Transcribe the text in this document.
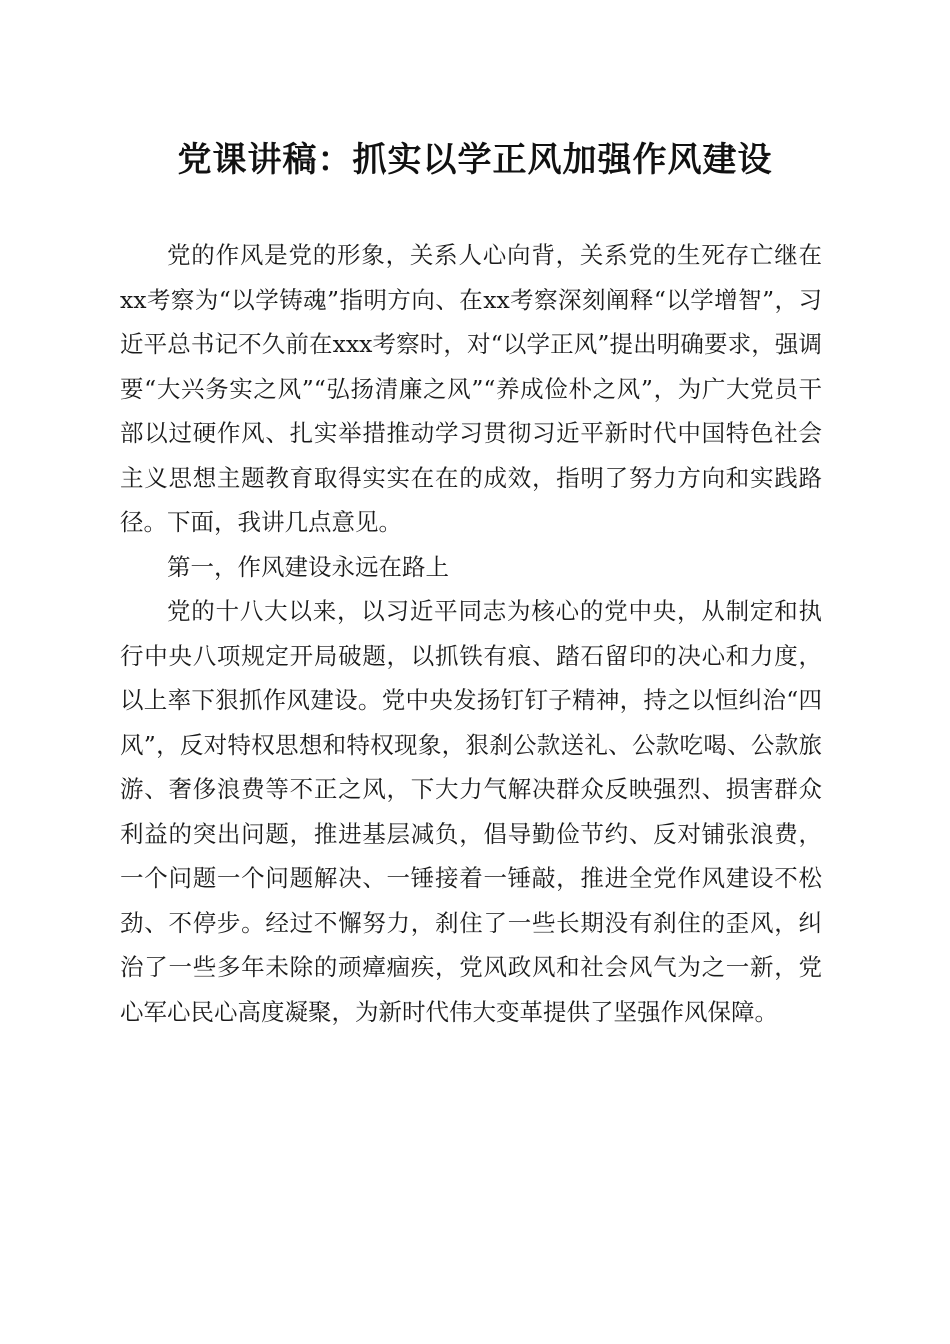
党课讲稿：抓实以学正风加强作风建设

党的作风是党的形象，关系人心向背，关系党的生死存亡继在xx考察为“以学铸魂”指明方向、在xx考察深刻阐释“以学增智”，习近平总书记不久前在xxx考察时，对“以学正风”提出明确要求，强调要“大兴务实之风”“弘扬清廉之风”“养成俭朴之风”，为广大党员干部以过硬作风、扎实举措推动学习贯彻习近平新时代中国特色社会主义思想主题教育取得实实在在的成效，指明了努力方向和实践路径。下面，我讲几点意见。

第一，作风建设永远在路上

党的十八大以来，以习近平同志为核心的党中央，从制定和执行中央八项规定开局破题，以抓铁有痕、踏石留印的决心和力度，以上率下狠抓作风建设。党中央发扬钉钉子精神，持之以恒纠治“四风”，反对特权思想和特权现象，狠刹公款送礼、公款吃喝、公款旅游、奢侈浪费等不正之风，下大力气解决群众反映强烈、损害群众利益的突出问题，推进基层减负，倡导勤俭节约、反对铺张浪费，一个问题一个问题解决、一锤接着一锤敲，推进全党作风建设不松劲、不停步。经过不懈努力，刹住了一些长期没有刹住的歪风，纠治了一些多年未除的顽瘴痼疾，党风政风和社会风气为之一新，党心军心民心高度凝聚，为新时代伟大变革提供了坚强作风保障。
